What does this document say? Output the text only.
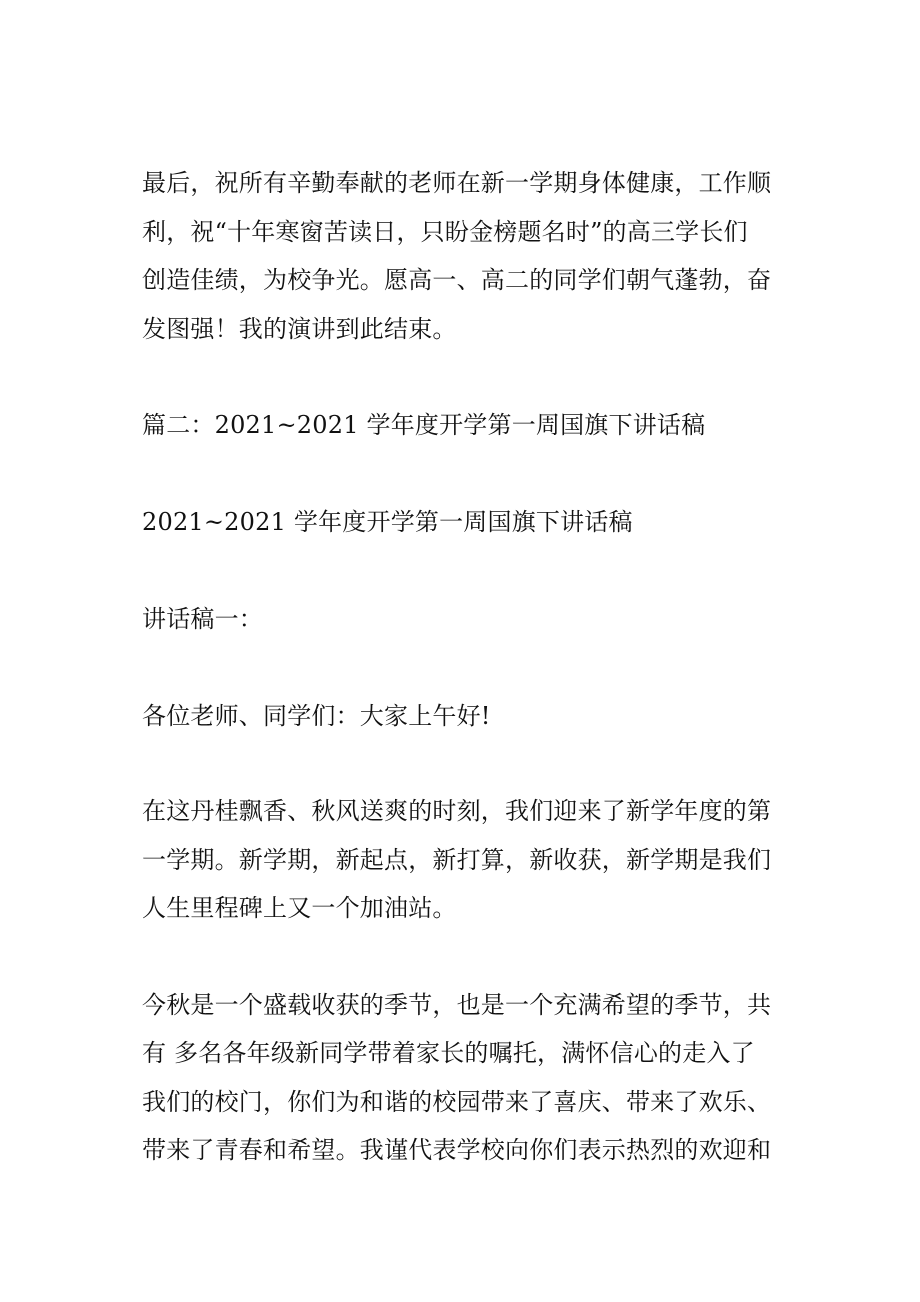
最后，祝所有辛勤奉献的老师在新一学期身体健康，工作顺
利，祝“十年寒窗苦读日，只盼金榜题名时”的高三学长们
创造佳绩，为校争光。愿高一、高二的同学们朝气蓬勃，奋
发图强！我的演讲到此结束。
篇二：2021~2021 学年度开学第一周国旗下讲话稿
2021~2021 学年度开学第一周国旗下讲话稿
讲话稿一：
各位老师、同学们：大家上午好!
在这丹桂飘香、秋风送爽的时刻，我们迎来了新学年度的第
一学期。新学期，新起点，新打算，新收获，新学期是我们
人生里程碑上又一个加油站。
今秋是一个盛载收获的季节，也是一个充满希望的季节，共
有 多名各年级新同学带着家长的嘱托，满怀信心的走入了
我们的校门，你们为和谐的校园带来了喜庆、带来了欢乐、
带来了青春和希望。我谨代表学校向你们表示热烈的欢迎和
